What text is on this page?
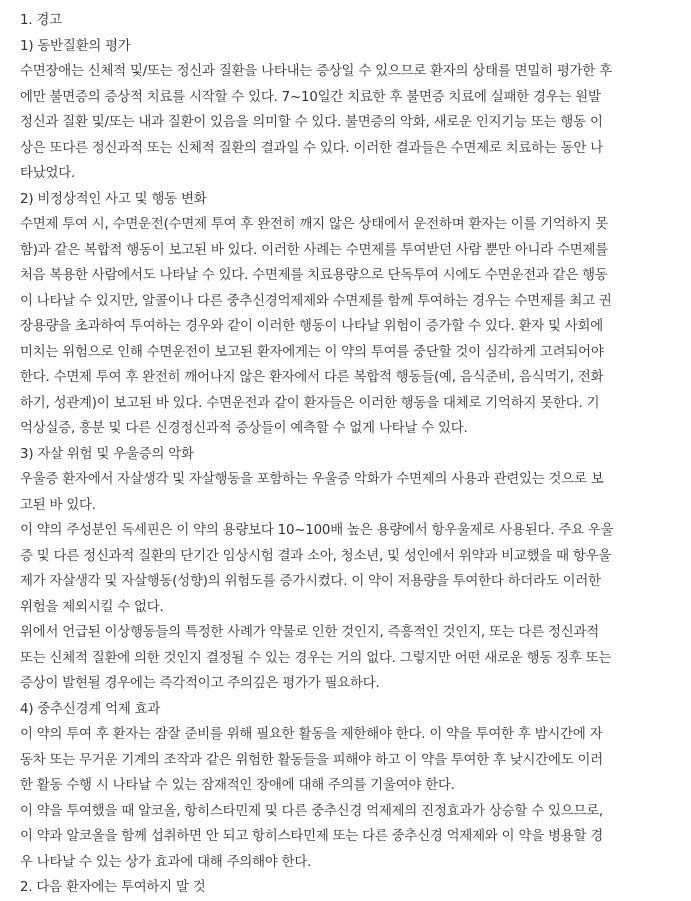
1. 경고
1) 동반질환의 평가
수면장애는 신체적 및/또는 정신과 질환을 나타내는 증상일 수 있으므로 환자의 상태를 면밀히 평가한 후
에만 불면증의 증상적 치료를 시작할 수 있다. 7~10일간 치료한 후 불면증 치료에 실패한 경우는 원발
정신과 질환 및/또는 내과 질환이 있음을 의미할 수 있다. 불면증의 악화, 새로운 인지기능 또는 행동 이
상은 또다른 정신과적 또는 신체적 질환의 결과일 수 있다. 이러한 결과들은 수면제로 치료하는 동안 나
타났었다.
2) 비정상적인 사고 및 행동 변화
수면제 투여 시, 수면운전(수면제 투여 후 완전히 깨지 않은 상태에서 운전하며 환자는 이를 기억하지 못
함)과 같은 복합적 행동이 보고된 바 있다. 이러한 사례는 수면제를 투여받던 사람 뿐만 아니라 수면제를
처음 복용한 사람에서도 나타날 수 있다. 수면제를 치료용량으로 단독투여 시에도 수면운전과 같은 행동
이 나타날 수 있지만, 알콜이나 다른 중추신경억제제와 수면제를 함께 투여하는 경우는 수면제를 최고 권
장용량을 초과하여 투여하는 경우와 같이 이러한 행동이 나타날 위험이 증가할 수 있다. 환자 및 사회에
미치는 위험으로 인해 수면운전이 보고된 환자에게는 이 약의 투여를 중단할 것이 심각하게 고려되어야
한다. 수면제 투여 후 완전히 깨어나지 않은 환자에서 다른 복합적 행동들(예, 음식준비, 음식먹기, 전화
하기, 성관계)이 보고된 바 있다. 수면운전과 같이 환자들은 이러한 행동을 대체로 기억하지 못한다. 기
억상실증, 흥분 및 다른 신경정신과적 증상들이 예측할 수 없게 나타날 수 있다.
3) 자살 위험 및 우울증의 악화
우울증 환자에서 자살생각 및 자살행동을 포함하는 우울증 악화가 수면제의 사용과 관련있는 것으로 보
고된 바 있다.
이 약의 주성분인 독세핀은 이 약의 용량보다 10~100배 높은 용량에서 항우울제로 사용된다. 주요 우울
증 및 다른 정신과적 질환의 단기간 임상시험 결과 소아, 청소년, 및 성인에서 위약과 비교했을 때 항우울
제가 자살생각 및 자살행동(성향)의 위험도를 증가시켰다. 이 약이 저용량을 투여한다 하더라도 이러한
위험을 제외시킬 수 없다.
위에서 언급된 이상행동들의 특정한 사례가 약물로 인한 것인지, 즉흥적인 것인지, 또는 다른 정신과적
또는 신체적 질환에 의한 것인지 결정될 수 있는 경우는 거의 없다. 그렇지만 어떤 새로운 행동 징후 또는
증상이 발현될 경우에는 즉각적이고 주의깊은 평가가 필요하다.
4) 중추신경계 억제 효과
이 약의 투여 후 환자는 잠잘 준비를 위해 필요한 활동을 제한해야 한다. 이 약을 투여한 후 밤시간에 자
동차 또는 무거운 기계의 조작과 같은 위험한 활동들을 피해야 하고 이 약을 투여한 후 낮시간에도 이러
한 활동 수행 시 나타날 수 있는 잠재적인 장애에 대해 주의를 기울여야 한다.
이 약을 투여했을 때 알코올, 항히스타민제 및 다른 중추신경 억제제의 진정효과가 상승할 수 있으므로,
이 약과 알코올을 함께 섭취하면 안 되고 항히스타민제 또는 다른 중추신경 억제제와 이 약을 병용할 경
우 나타날 수 있는 상가 효과에 대해 주의해야 한다.
2. 다음 환자에는 투여하지 말 것
